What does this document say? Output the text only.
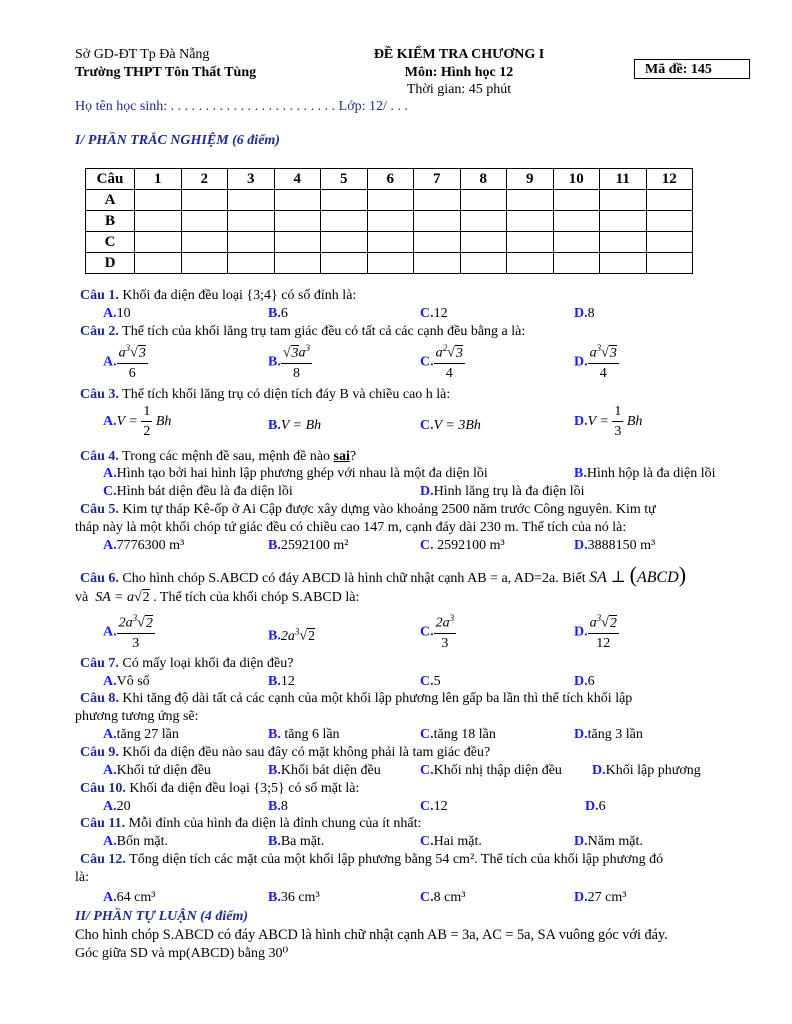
Sở GD-ĐT Tp Đà Nẵng
Trường THPT Tôn Thất Tùng
ĐỀ KIỂM TRA CHƯƠNG I
Môn: Hình học 12
Thời gian: 45 phút
Mã đề: 145
Họ tên học sinh: . . . . . . . . . . . . . . . . . . . . . . . . Lớp: 12/ . . .
I/ PHẦN TRẮC NGHIỆM (6 điểm)
Câu	1	2	3	4	5	6	7	8	9	10	11	12
A												
B												
C												
D												
Câu 1. Khối đa diện đều loại {3;4} có số đỉnh là:
A.10	B.6	C.12	D.8
Câu 2. Thể tích của khối lăng trụ tam giác đều có tất cả các cạnh đều bằng a là:
A. $\frac{a^3√3}{6}$	B. $\frac{√3a^3}{8}$	C. $\frac{a^2√3}{4}$	D. $\frac{a^3√3}{4}$
Câu 3. Thể tích khối lăng trụ có diện tích đáy B và chiều cao h là:
$A.V = \frac{1}{2}$ Bh	B.V = Bh	C.V = 3Bh	$D.V = \frac{1}{3}$ Bh
Câu 4. Trong các mệnh đề sau, mệnh đề nào sai?
A.Hình tạo bởi hai hình lập phương ghép với nhau là một đa diện lồi	B.Hình hộp là đa diện lồi
C.Hình bát diện đều là đa diện lồi	D.Hình lăng trụ là đa điện lồi
Câu 5. Kim tự tháp Kê-ốp ở Ai Cập được xây dựng vào khoảng 2500 năm trước Công nguyên. Kim tự
tháp này là một khối chóp tứ giác đều có chiều cao 147 m, cạnh đáy dài 230 m. Thể tích của nó là:
A.7776300 m³	B.2592100 m²	C. 2592100 m³	D.3888150 m³
Câu 6. Cho hình chóp S.ABCD có đáy ABCD là hình chữ nhật cạnh AB = a, AD=2a. Biết SA ⊥ (ABCD)
và SA = a√2 . Thể tích của khối chóp S.ABCD là:
A. $\frac{2a^3√2}{3}$	$B.2a^3√2$	C. $\frac{2a^3}{3}$	D. $\frac{a^3√2}{12}$
Câu 7. Có mấy loại khối đa diện đều?
A.Vô số	B.12	C.5	D.6
Câu 8. Khi tăng độ dài tất cả các cạnh của một khối lập phương lên gấp ba lần thì thể tích khối lập
phương tương ứng sẽ:
A.tăng 27 lần	B. tăng 6 lần	C.tăng 18 lần	D.tăng 3 lần
Câu 9. Khối đa diện đều nào sau đây có mặt không phải là tam giác đều?
A.Khối tứ diện đều	B.Khối bát diện đều	C.Khối nhị thập diện đều D.Khối lập phương
Câu 10. Khối đa diện đều loại {3;5} có số mặt là:
A.20	B.8	C.12	D.6
Câu 11. Mỗi đỉnh của hình đa diện là đỉnh chung của ít nhất:
A.Bốn mặt.	B.Ba mặt.	C.Hai mặt.	D.Năm mặt.
Câu 12. Tổng diện tích các mặt của một khối lập phương bằng 54 cm². Thể tích của khối lập phương đó
là:
A.64 cm³	B.36 cm³	C.8 cm³	D.27 cm³
II/ PHẦN TỰ LUẬN (4 điểm)
Cho hình chóp S.ABCD có đáy ABCD là hình chữ nhật cạnh AB = 3a, AC = 5a, SA vuông góc với đáy.
Góc giữa SD và mp(ABCD) bằng 30⁰
